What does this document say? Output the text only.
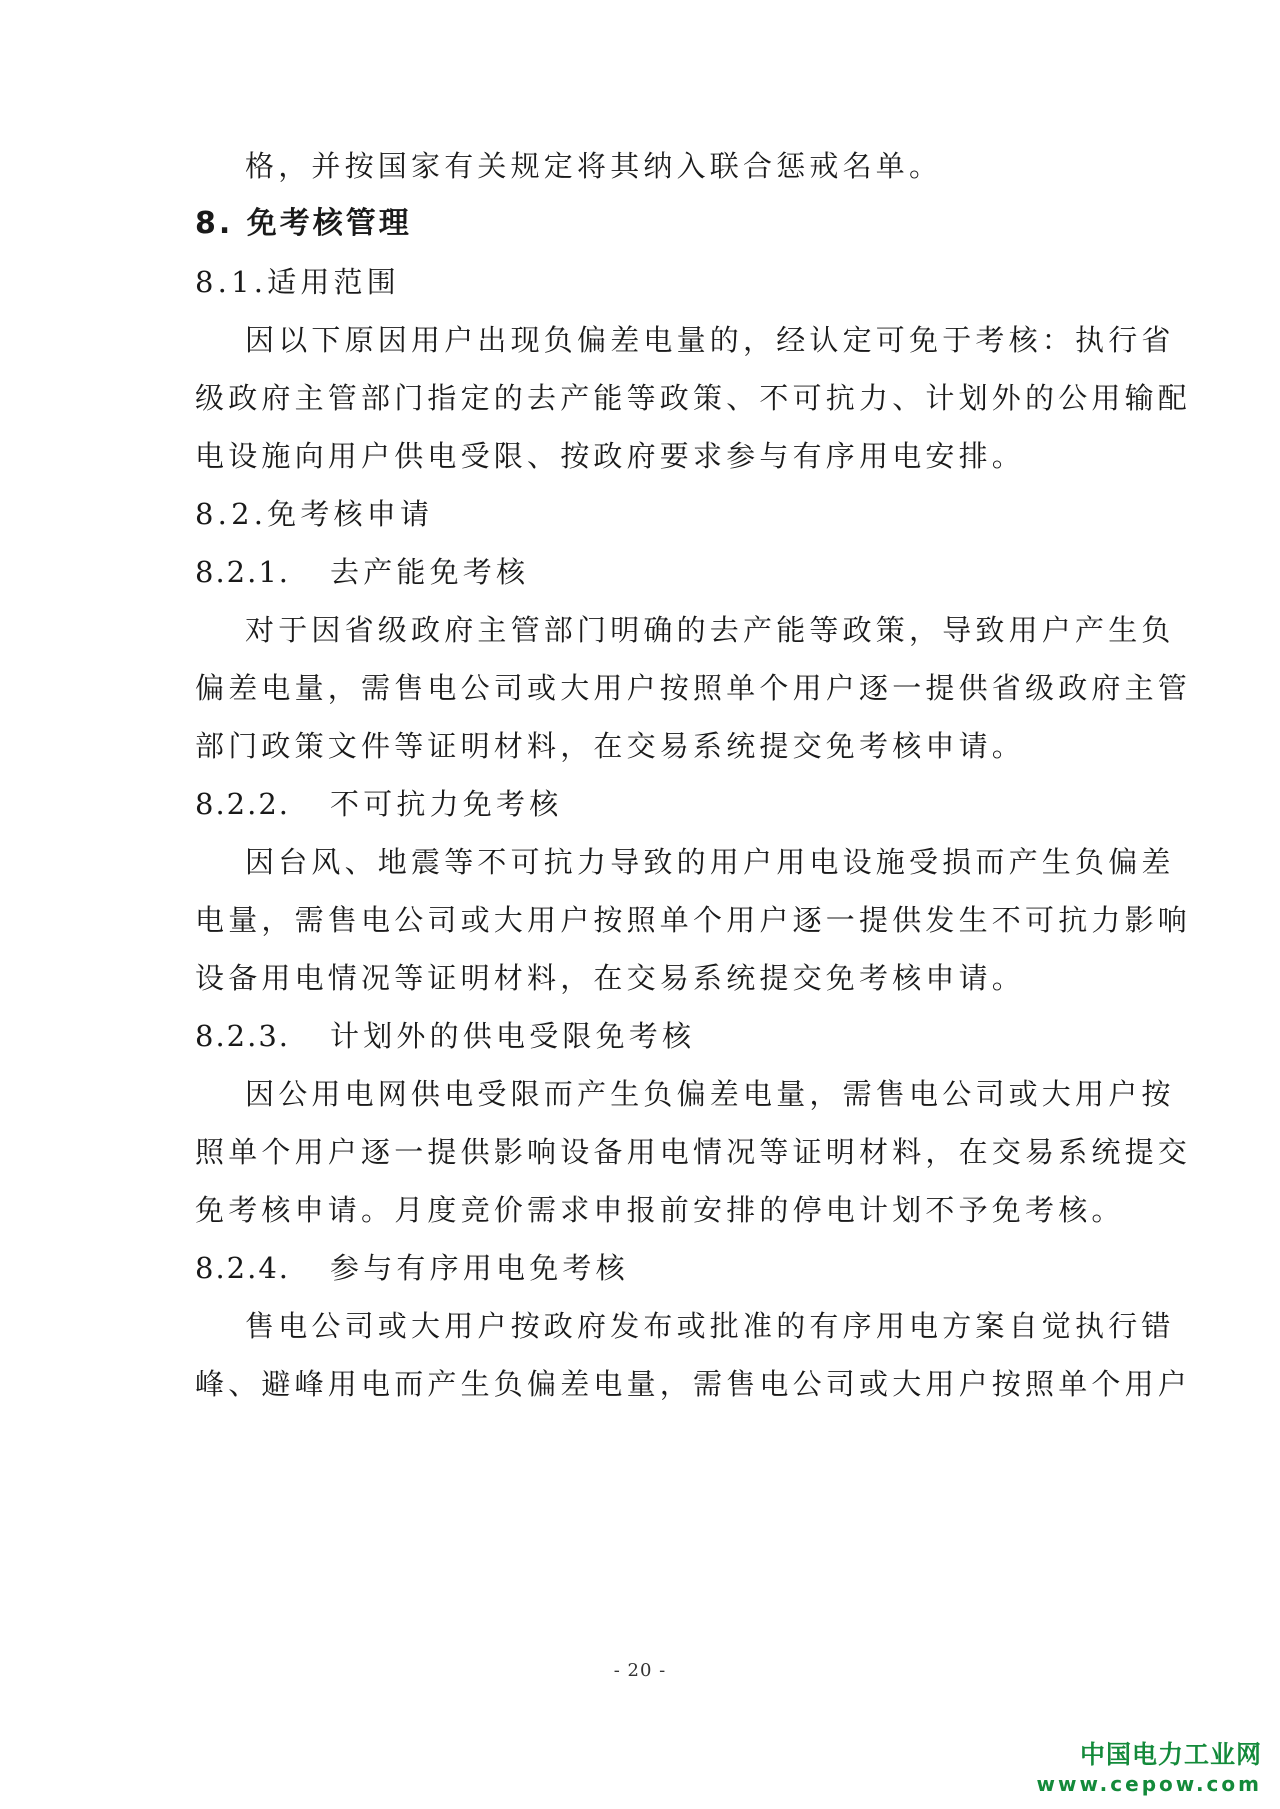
格，并按国家有关规定将其纳入联合惩戒名单。
8. 免考核管理
8.1.适用范围
因以下原因用户出现负偏差电量的，经认定可免于考核：执行省
级政府主管部门指定的去产能等政策、不可抗力、计划外的公用输配
电设施向用户供电受限、按政府要求参与有序用电安排。
8.2.免考核申请
8.2.1. 去产能免考核
对于因省级政府主管部门明确的去产能等政策，导致用户产生负
偏差电量，需售电公司或大用户按照单个用户逐一提供省级政府主管
部门政策文件等证明材料，在交易系统提交免考核申请。
8.2.2. 不可抗力免考核
因台风、地震等不可抗力导致的用户用电设施受损而产生负偏差
电量，需售电公司或大用户按照单个用户逐一提供发生不可抗力影响
设备用电情况等证明材料，在交易系统提交免考核申请。
8.2.3. 计划外的供电受限免考核
因公用电网供电受限而产生负偏差电量，需售电公司或大用户按
照单个用户逐一提供影响设备用电情况等证明材料，在交易系统提交
免考核申请。月度竞价需求申报前安排的停电计划不予免考核。
8.2.4. 参与有序用电免考核
售电公司或大用户按政府发布或批准的有序用电方案自觉执行错
峰、避峰用电而产生负偏差电量，需售电公司或大用户按照单个用户
- 20 -
中国电力工业网
www.cepow.com
